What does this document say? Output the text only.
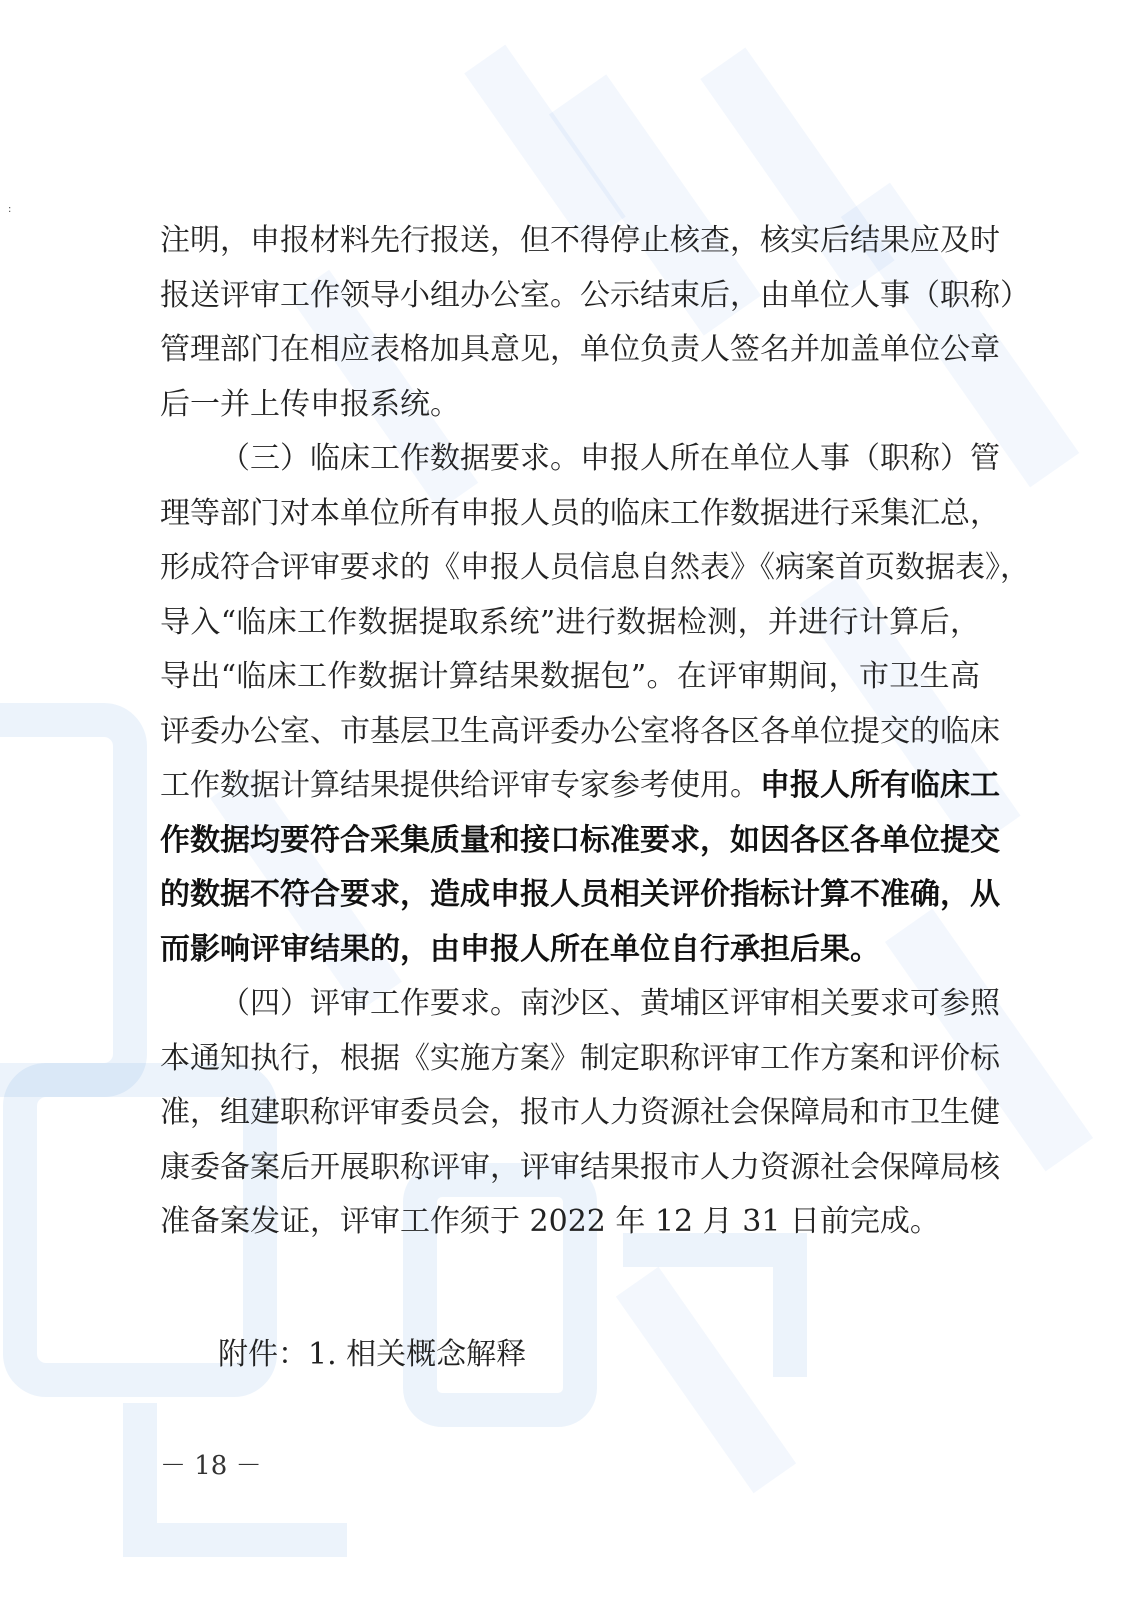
:
注明，申报材料先行报送，但不得停止核查，核实后结果应及时
报送评审工作领导小组办公室。公示结束后，由单位人事（职称）
管理部门在相应表格加具意见，单位负责人签名并加盖单位公章
后一并上传申报系统。
（三）临床工作数据要求。申报人所在单位人事（职称）管
理等部门对本单位所有申报人员的临床工作数据进行采集汇总，
形成符合评审要求的《申报人员信息自然表》《病案首页数据表》，
导入“临床工作数据提取系统”进行数据检测，并进行计算后，
导出“临床工作数据计算结果数据包”。在评审期间，市卫生高
评委办公室、市基层卫生高评委办公室将各区各单位提交的临床
工作数据计算结果提供给评审专家参考使用。申报人所有临床工
作数据均要符合采集质量和接口标准要求，如因各区各单位提交
的数据不符合要求，造成申报人员相关评价指标计算不准确，从
而影响评审结果的，由申报人所在单位自行承担后果。
（四）评审工作要求。南沙区、黄埔区评审相关要求可参照
本通知执行，根据《实施方案》制定职称评审工作方案和评价标
准，组建职称评审委员会，报市人力资源社会保障局和市卫生健
康委备案后开展职称评审，评审结果报市人力资源社会保障局核
准备案发证，评审工作须于 2022 年 12 月 31 日前完成。
附件：1. 相关概念解释
－ 18 －
